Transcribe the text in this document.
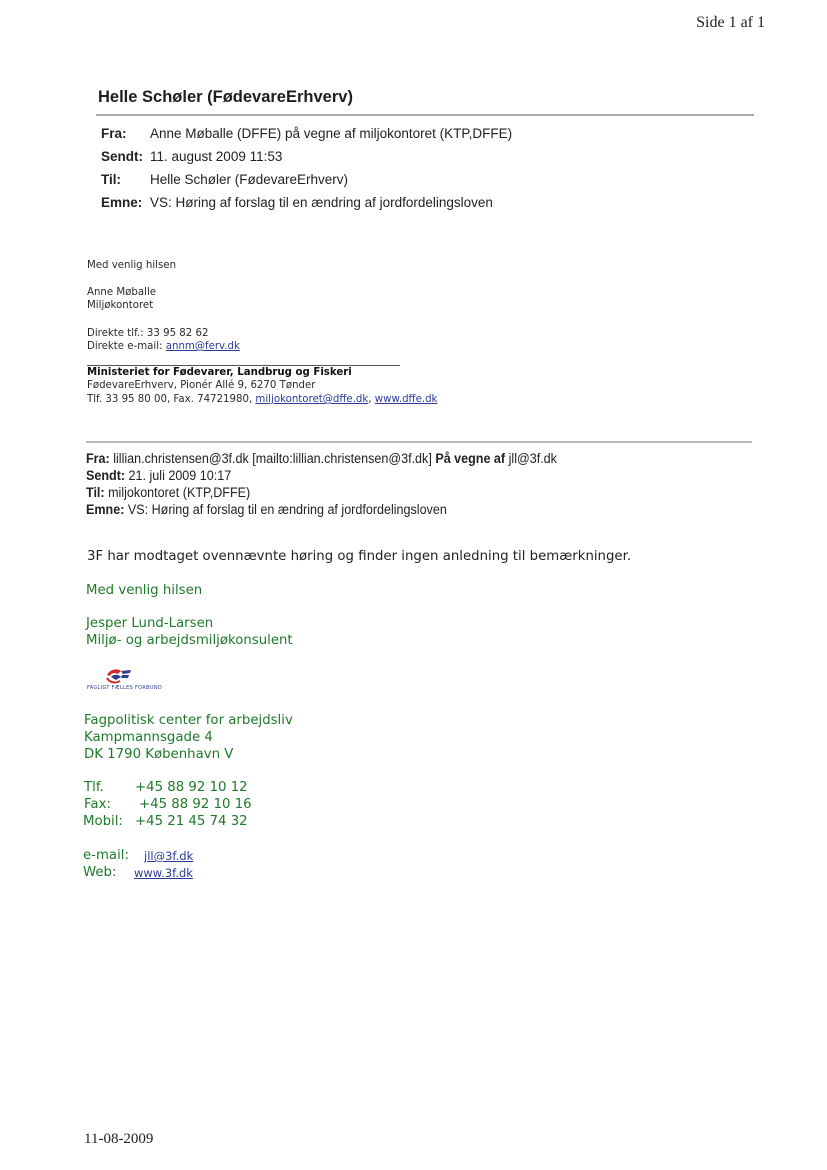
Side 1 af 1
Helle Schøler (FødevareErhverv)
Fra: Anne Møballe (DFFE) på vegne af miljokontoret (KTP,DFFE)
Sendt: 11. august 2009 11:53
Til: Helle Schøler (FødevareErhverv)
Emne: VS: Høring af forslag til en ændring af jordfordelingsloven
Med venlig hilsen
Anne Møballe
Miljøkontoret
Direkte tlf.: 33 95 82 62
Direkte e-mail: annm@ferv.dk
Ministeriet for Fødevarer, Landbrug og Fiskeri
FødevareErhverv, Pionér Allé 9, 6270 Tønder
Tlf. 33 95 80 00, Fax. 74721980, miljokontoret@dffe.dk, www.dffe.dk
Fra: lillian.christensen@3f.dk [mailto:lillian.christensen@3f.dk] På vegne af jll@3f.dk
Sendt: 21. juli 2009 10:17
Til: miljokontoret (KTP,DFFE)
Emne: VS: Høring af forslag til en ændring af jordfordelingsloven
3F har modtaget ovennævnte høring og finder ingen anledning til bemærkninger.
Med venlig hilsen
Jesper Lund-Larsen
Miljø- og arbejdsmiljøkonsulent
FAGLIGT FÆLLES FORBUND
Fagpolitisk center for arbejdsliv
Kampmannsgade 4
DK 1790 København V
Tlf. +45 88 92 10 12
Fax: +45 88 92 10 16
Mobil: +45 21 45 74 32
e-mail: jll@3f.dk
Web: www.3f.dk
11-08-2009
